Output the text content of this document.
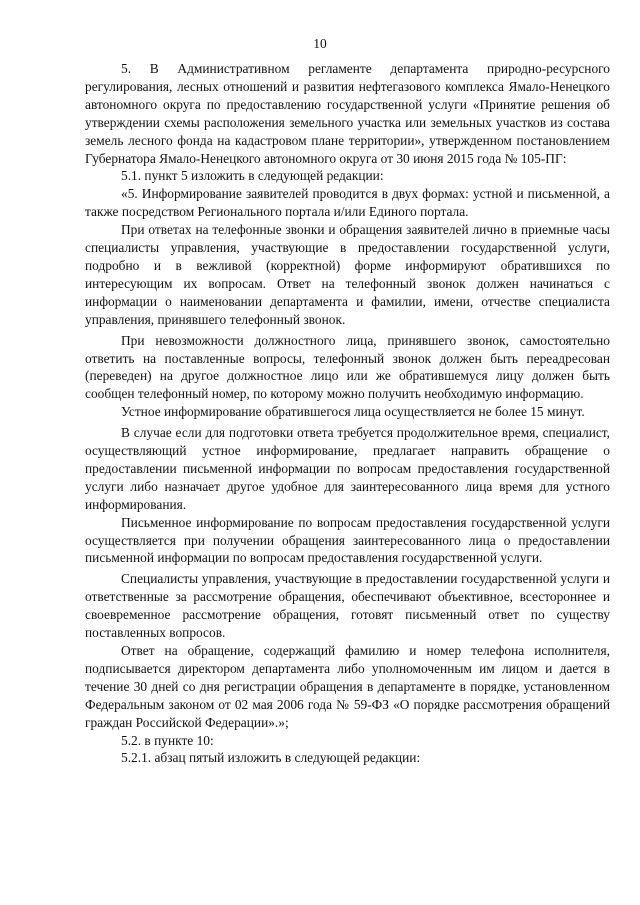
10

5. В Административном регламенте департамента природно-ресурсного регулирования, лесных отношений и развития нефтегазового комплекса Ямало-Ненецкого автономного округа по предоставлению государственной услуги «Принятие решения об утверждении схемы расположения земельного участка или земельных участков из состава земель лесного фонда на кадастровом плане территории», утвержденном постановлением Губернатора Ямало-Ненецкого автономного округа от 30 июня 2015 года № 105-ПГ:

5.1. пункт 5 изложить в следующей редакции:

«5. Информирование заявителей проводится в двух формах: устной и письменной, а также посредством Регионального портала и/или Единого портала.

При ответах на телефонные звонки и обращения заявителей лично в приемные часы специалисты управления, участвующие в предоставлении государственной услуги, подробно и в вежливой (корректной) форме информируют обратившихся по интересующим их вопросам. Ответ на телефонный звонок должен начинаться с информации о наименовании департамента и фамилии, имени, отчестве специалиста управления, принявшего телефонный звонок.

При невозможности должностного лица, принявшего звонок, самостоятельно ответить на поставленные вопросы, телефонный звонок должен быть переадресован (переведен) на другое должностное лицо или же обратившемуся лицу должен быть сообщен телефонный номер, по которому можно получить необходимую информацию.

Устное информирование обратившегося лица осуществляется не более 15 минут.

В случае если для подготовки ответа требуется продолжительное время, специалист, осуществляющий устное информирование, предлагает направить обращение о предоставлении письменной информации по вопросам предоставления государственной услуги либо назначает другое удобное для заинтересованного лица время для устного информирования.

Письменное информирование по вопросам предоставления государственной услуги осуществляется при получении обращения заинтересованного лица о предоставлении письменной информации по вопросам предоставления государственной услуги.

Специалисты управления, участвующие в предоставлении государственной услуги и ответственные за рассмотрение обращения, обеспечивают объективное, всестороннее и своевременное рассмотрение обращения, готовят письменный ответ по существу поставленных вопросов.

Ответ на обращение, содержащий фамилию и номер телефона исполнителя, подписывается директором департамента либо уполномоченным им лицом и дается в течение 30 дней со дня регистрации обращения в департаменте в порядке, установленном Федеральным законом от 02 мая 2006 года № 59-ФЗ «О порядке рассмотрения обращений граждан Российской Федерации».»;

5.2. в пункте 10:

5.2.1. абзац пятый изложить в следующей редакции:
